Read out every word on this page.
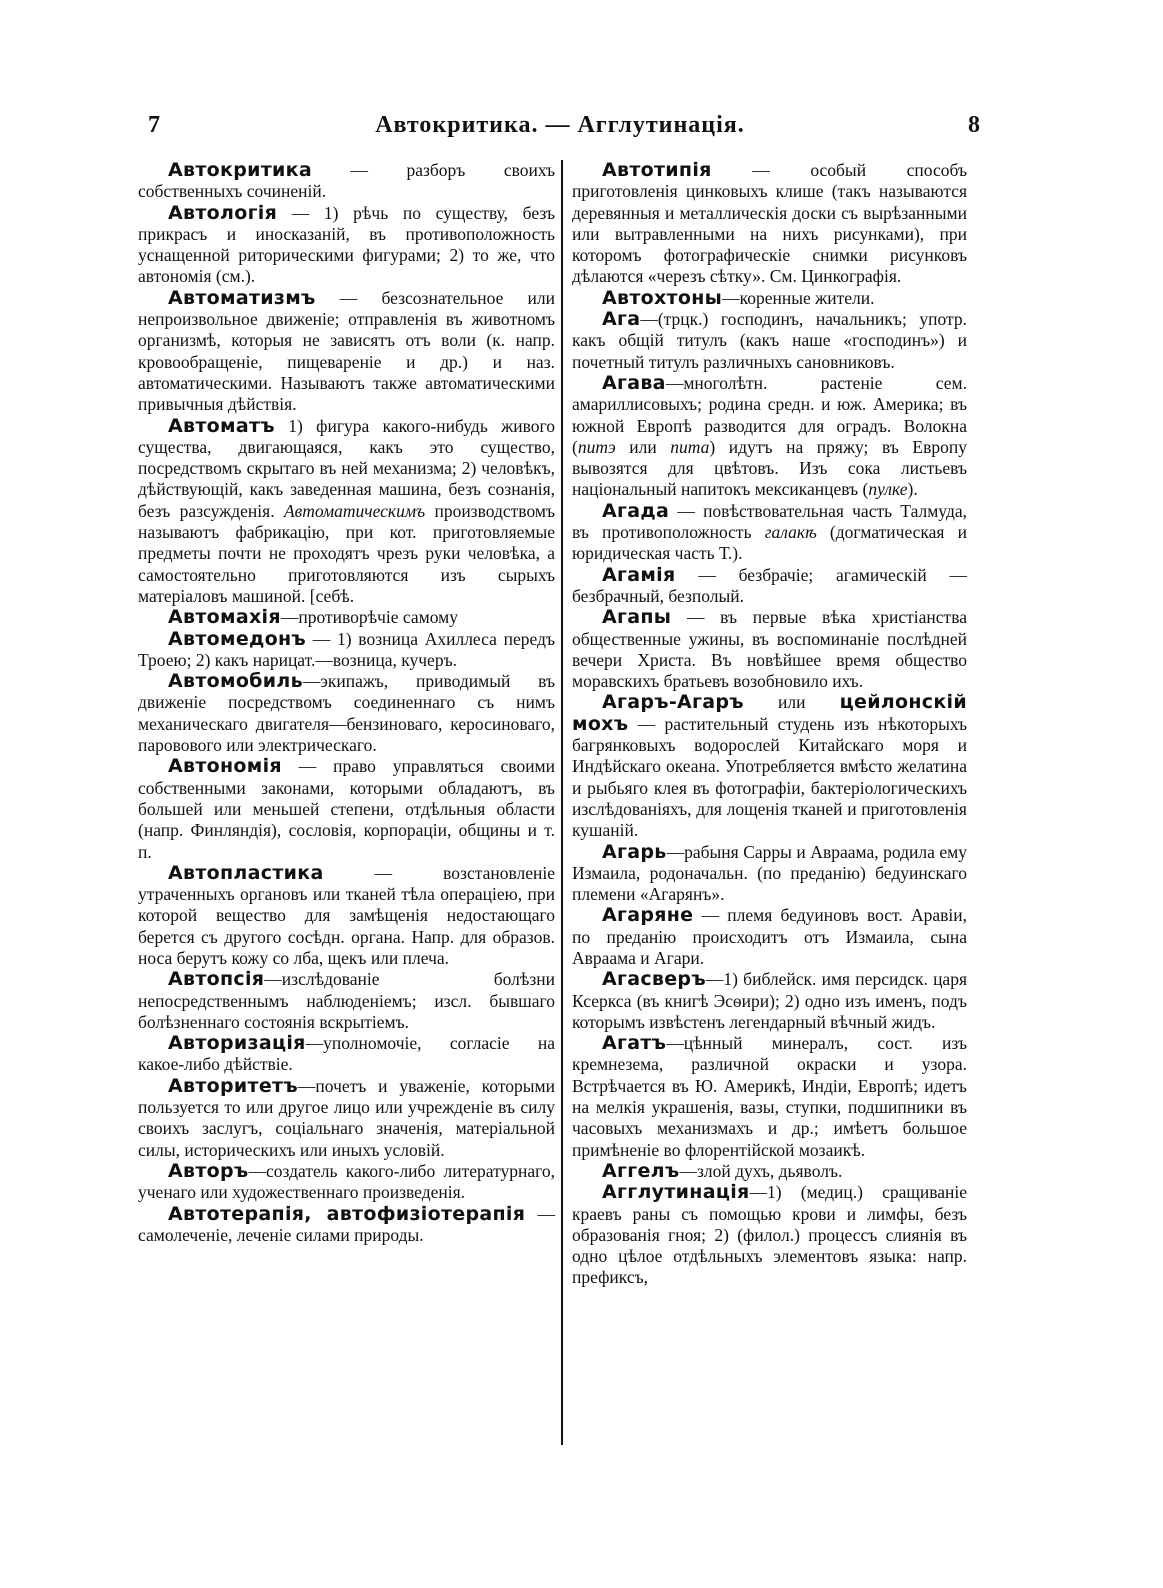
7	Автокритика. — Агглутинація.	8

Автокритика — разборъ своихъ собственныхъ сочиненій.

Автологія — 1) рѣчь по существу, безъ прикрасъ и иносказаній, въ противоположность уснащенной риторическими фигурами; 2) то же, что автономія (см.).

Автоматизмъ — безсознательное или непроизвольное движеніе; отправленія въ животномъ организмѣ, которыя не зависятъ отъ воли (к. напр. кровообращеніе, пищевареніе и др.) и наз. автоматическими. Называютъ также автоматическими привычныя дѣйствія.

Автоматъ 1) фигура какого-нибудь живого существа, двигающаяся, какъ это существо, посредствомъ скрытаго въ ней механизма; 2) человѣкъ, дѣйствующій, какъ заведенная машина, безъ сознанія, безъ разсужденія. Автоматическимъ производствомъ называютъ фабрикацію, при кот. приготовляемые предметы почти не проходятъ чрезъ руки человѣка, а самостоятельно приготовляются изъ сырыхъ матеріаловъ машиной. [себѣ.

Автомахія—противорѣчіе самому

Автомедонъ — 1) возница Ахиллеса передъ Троею; 2) какъ нарицат.—возница, кучеръ.

Автомобиль—экипажъ, приводимый въ движеніе посредствомъ соединеннаго съ нимъ механическаго двигателя—бензиноваго, керосиноваго, паровового или электрическаго.

Автономія — право управляться своими собственными законами, которыми обладаютъ, въ большей или меньшей степени, отдѣльныя области (напр. Финляндія), сословія, корпораціи, общины и т. п.

Автопластика — возстановленіе утраченныхъ органовъ или тканей тѣла операціею, при которой вещество для замѣщенія недостающаго берется съ другого сосѣдн. органа. Напр. для образов. носа берутъ кожу со лба, щекъ или плеча.

Автопсія—изслѣдованіе болѣзни непосредственнымъ наблюденіемъ; изсл. бывшаго болѣзненнаго состоянія вскрытіемъ.

Авторизація—уполномочіе, согласіе на какое-либо дѣйствіе.

Авторитетъ—почетъ и уваженіе, которыми пользуется то или другое лицо или учрежденіе въ силу своихъ заслугъ, соціальнаго значенія, матеріальной силы, историческихъ или иныхъ условій.

Авторъ—создатель какого-либо литературнаго, ученаго или художественнаго произведенія.

Автотерапія, автофизіотерапія — самолеченіе, леченіе силами природы.

Автотипія — особый способъ приготовленія цинковыхъ клише (такъ называются деревянныя и металлическія доски съ вырѣзанными или вытравленными на нихъ рисунками), при которомъ фотографическіе снимки рисунковъ дѣлаются «черезъ сѣтку». См. Цинкографія.

Автохтоны—коренные жители.

Ага—(трцк.) господинъ, начальникъ; употр. какъ общій титулъ (какъ наше «господинъ») и почетный титулъ различныхъ сановниковъ.

Агава—многолѣтн. растеніе сем. амариллисовыхъ; родина средн. и юж. Америка; въ южной Европѣ разводится для оградъ. Волокна (питэ или пита) идутъ на пряжу; въ Европу вывозятся для цвѣтовъ. Изъ сока листьевъ національный напитокъ мексиканцевъ (пулке).

Агада — повѣствовательная часть Талмуда, въ противоположность галакѣ (догматическая и юридическая часть Т.).

Агамія — безбрачіе; агамическій — безбрачный, безполый.

Агапы — въ первые вѣка христіанства общественные ужины, въ воспоминаніе послѣдней вечери Христа. Въ новѣйшее время общество моравскихъ братьевъ возобновило ихъ.

Агаръ-Агаръ или цейлонскій мохъ — растительный студень изъ нѣкоторыхъ багрянковыхъ водорослей Китайскаго моря и Индѣйскаго океана. Употребляется вмѣсто желатина и рыбьяго клея въ фотографіи, бактеріологическихъ изслѣдованіяхъ, для лощенія тканей и приготовленія кушаній.

Агарь—рабыня Сарры и Авраама, родила ему Измаила, родоначальн. (по преданію) бедуинскаго племени «Агарянъ».

Агаряне — племя бедуиновъ вост. Аравіи, по преданію происходитъ отъ Измаила, сына Авраама и Агари.

Агасверъ—1) библейск. имя персидск. царя Ксеркса (въ книгѣ Эсѳири); 2) одно изъ именъ, подъ которымъ извѣстенъ легендарный вѣчный жидъ.

Агатъ—цѣнный минералъ, сост. изъ кремнезема, различной окраски и узора. Встрѣчается въ Ю. Америкѣ, Индіи, Европѣ; идетъ на мелкія украшенія, вазы, ступки, подшипники въ часовыхъ механизмахъ и др.; имѣетъ большое примѣненіе во флорентійской мозаикѣ.

Аггелъ—злой духъ, дьяволъ.

Агглутинація—1) (медиц.) сращиваніе краевъ раны съ помощью крови и лимфы, безъ образованія гноя; 2) (филол.) процессъ слиянія въ одно цѣлое отдѣльныхъ элементовъ языка: напр. префиксъ,
